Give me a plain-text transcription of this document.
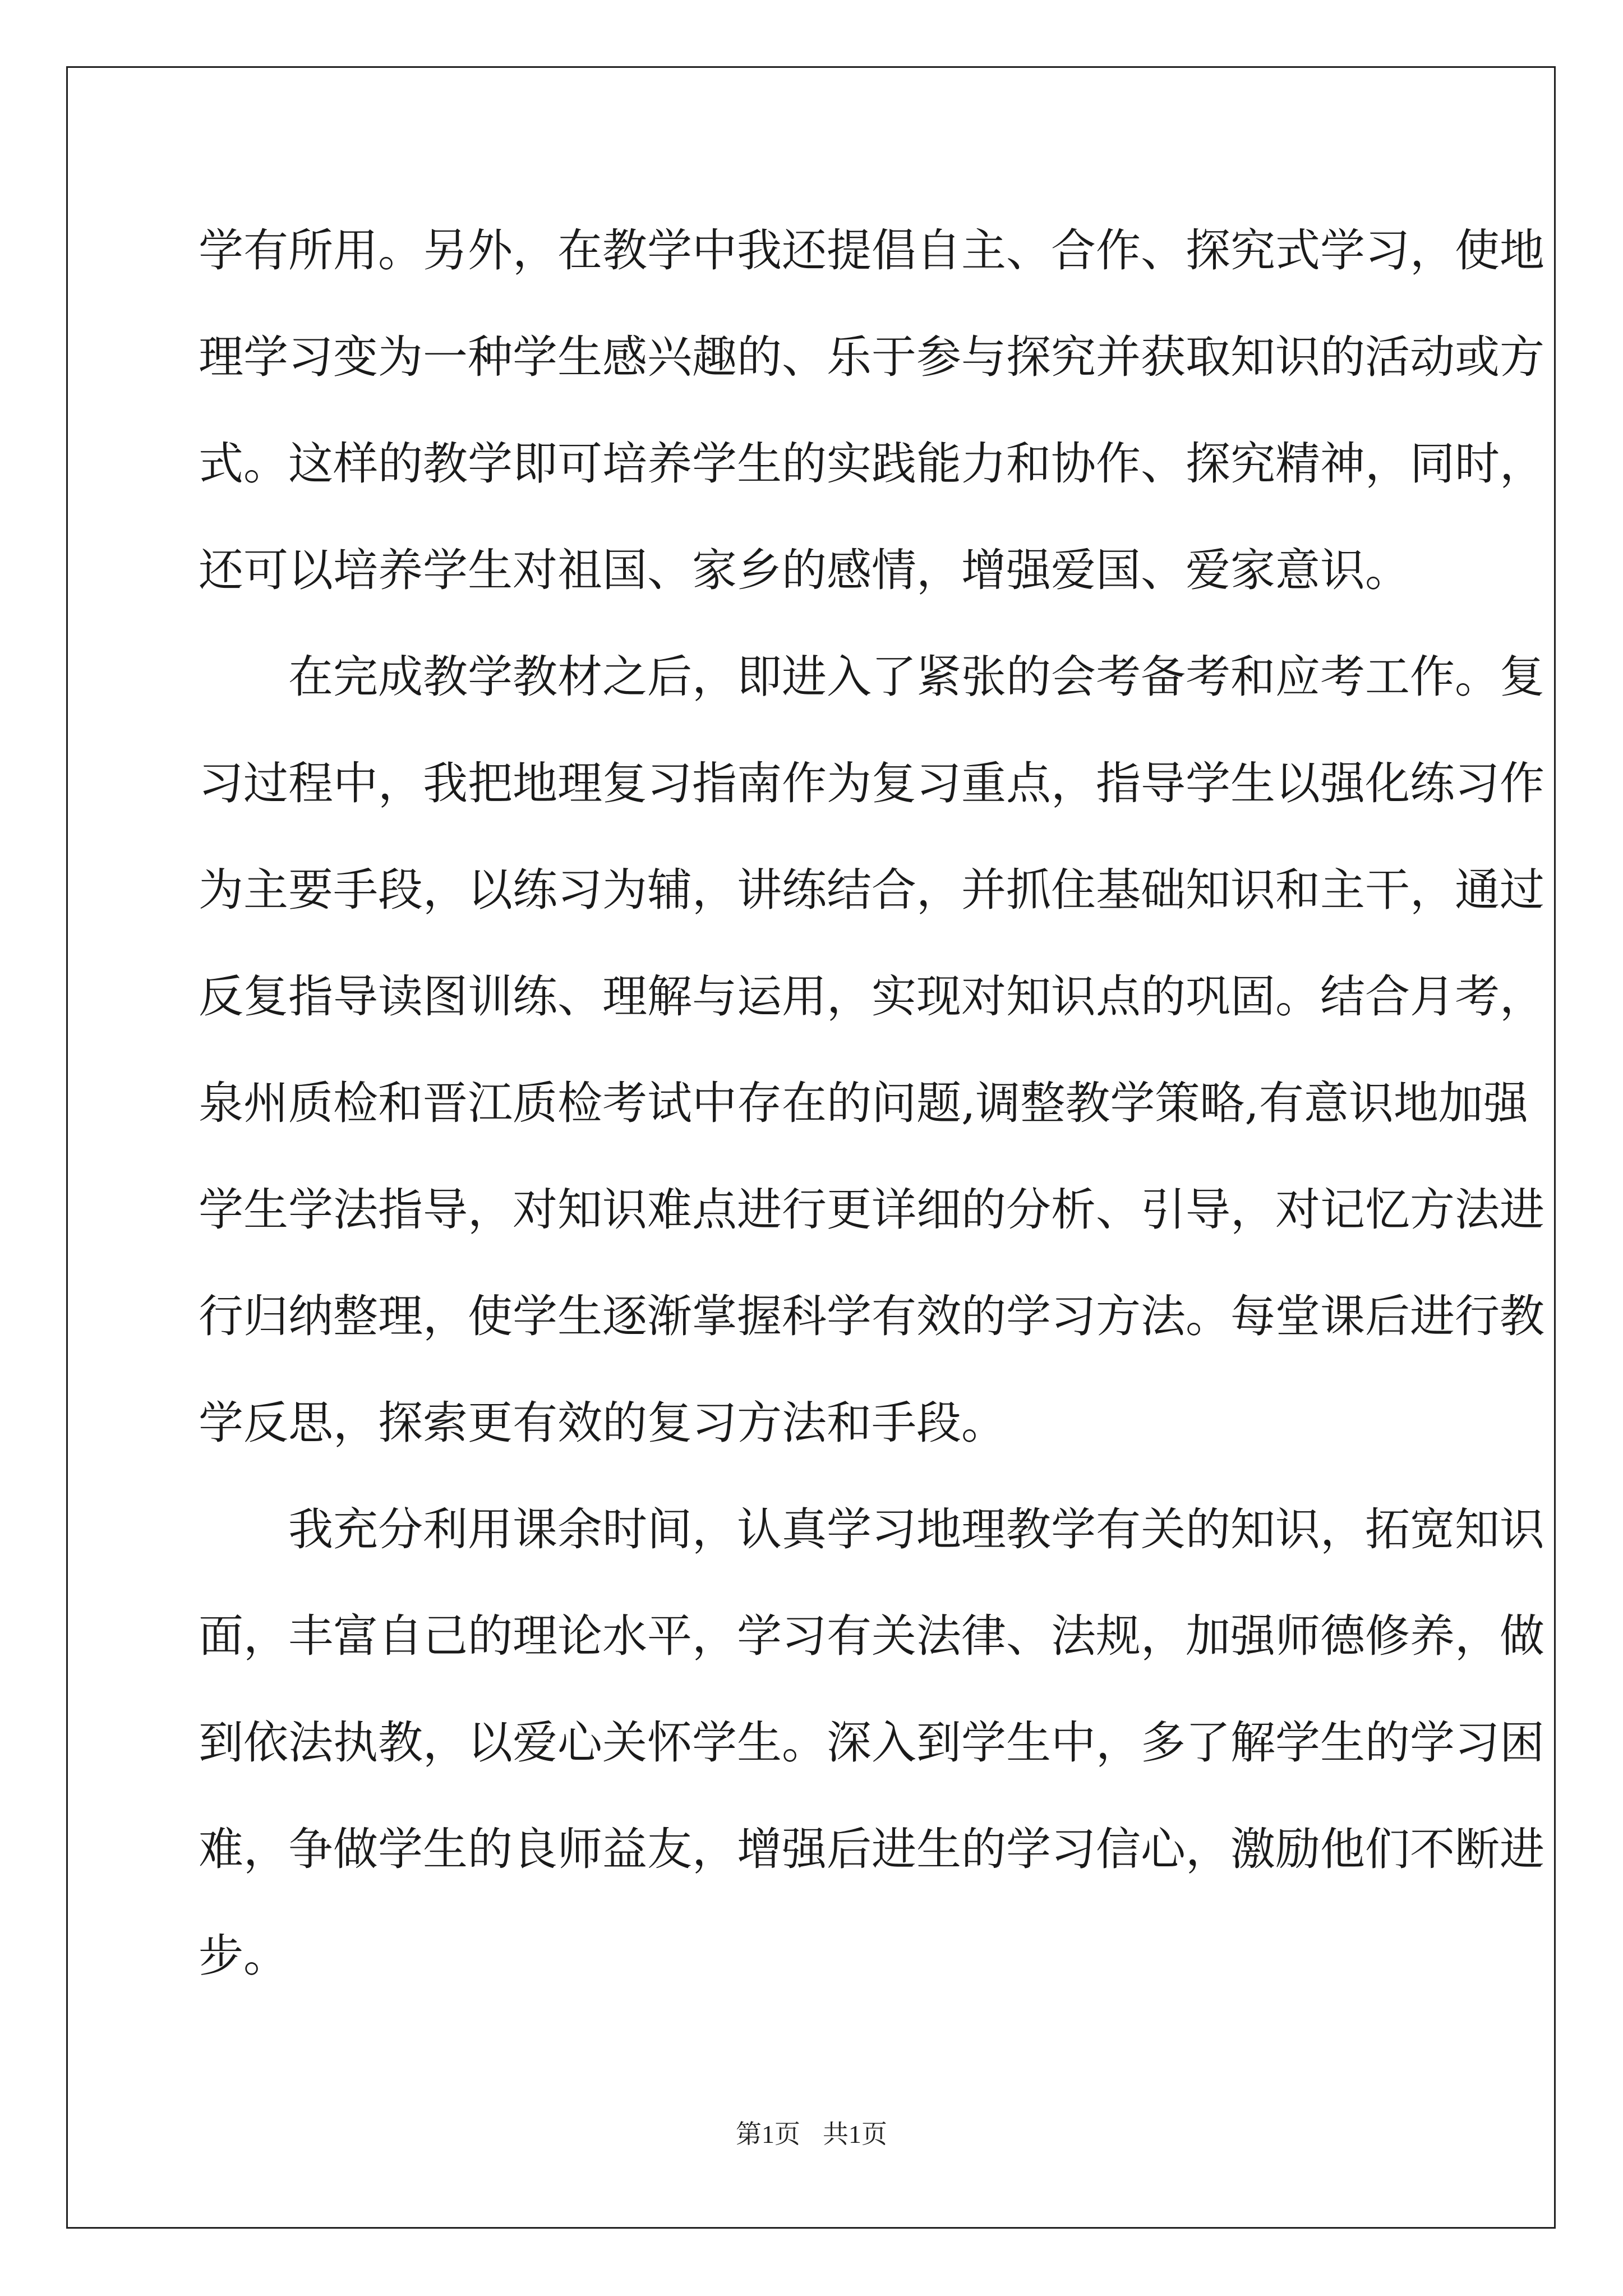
学有所用。另外，在教学中我还提倡自主、合作、探究式学习，使地
理学习变为一种学生感兴趣的、乐于参与探究并获取知识的活动或方
式。这样的教学即可培养学生的实践能力和协作、探究精神，同时，
还可以培养学生对祖国、家乡的感情，增强爱国、爱家意识。
在完成教学教材之后，即进入了紧张的会考备考和应考工作。复
习过程中，我把地理复习指南作为复习重点，指导学生以强化练习作
为主要手段，以练习为辅，讲练结合，并抓住基础知识和主干，通过
反复指导读图训练、理解与运用，实现对知识点的巩固。结合月考，
泉州质检和晋江质检考试中存在的问题,调整教学策略,有意识地加强
学生学法指导，对知识难点进行更详细的分析、引导，对记忆方法进
行归纳整理，使学生逐渐掌握科学有效的学习方法。每堂课后进行教
学反思，探索更有效的复习方法和手段。
我充分利用课余时间，认真学习地理教学有关的知识，拓宽知识
面，丰富自己的理论水平，学习有关法律、法规，加强师德修养，做
到依法执教，以爱心关怀学生。深入到学生中，多了解学生的学习困
难，争做学生的良师益友，增强后进生的学习信心，激励他们不断进
步。
第1页 共1页
